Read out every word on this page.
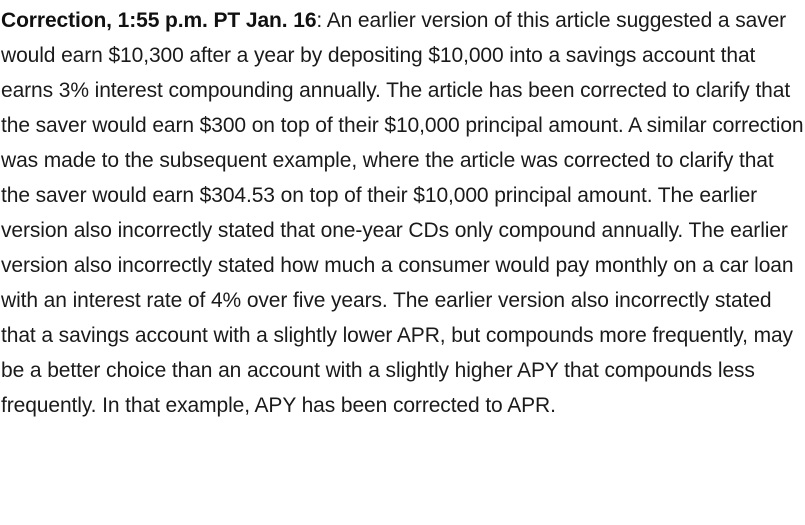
Correction, 1:55 p.m. PT Jan. 16: An earlier version of this article suggested a saver would earn $10,300 after a year by depositing $10,000 into a savings account that earns 3% interest compounding annually. The article has been corrected to clarify that the saver would earn $300 on top of their $10,000 principal amount. A similar correction was made to the subsequent example, where the article was corrected to clarify that the saver would earn $304.53 on top of their $10,000 principal amount. The earlier version also incorrectly stated that one-year CDs only compound annually. The earlier version also incorrectly stated how much a consumer would pay monthly on a car loan with an interest rate of 4% over five years. The earlier version also incorrectly stated that a savings account with a slightly lower APR, but compounds more frequently, may be a better choice than an account with a slightly higher APY that compounds less frequently. In that example, APY has been corrected to APR.
